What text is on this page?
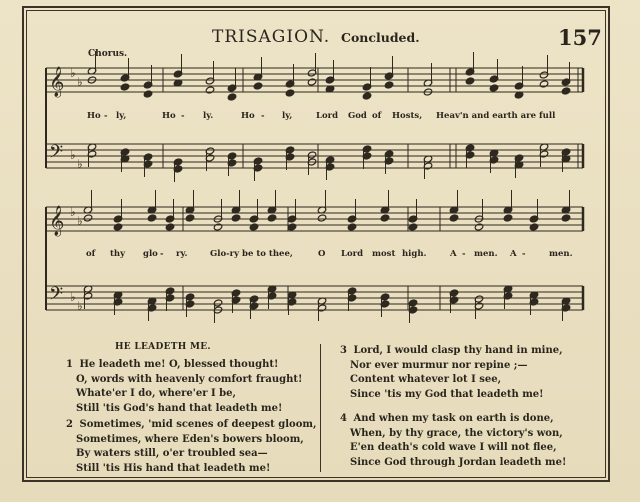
TRISAGION. Concluded.	157
Chorus.
𝄞
𝄢
♭
♭
♭
♭
𝄞
𝄢
♭
♭
♭
♭
Ho - ly,	Ho - ly.	Ho - ly,	Lord God of Hosts, Heav'n and earth are full
of thy glo - ry.	Glo-ry be to thee,	O Lord most high.	A - men. A -	men.
HE LEADETH ME.
1 He leadeth me! O, blessed thought!
O, words with heavenly comfort fraught!
Whate'er I do, where'er I be,
Still 'tis God's hand that leadeth me!
2 Sometimes, 'mid scenes of deepest gloom,
Sometimes, where Eden's bowers bloom,
By waters still, o'er troubled sea—
Still 'tis His hand that leadeth me!
3 Lord, I would clasp thy hand in mine,
Nor ever murmur nor repine ;—
Content whatever lot I see,
Since 'tis my God that leadeth me!
4 And when my task on earth is done,
When, by thy grace, the victory's won,
E'en death's cold wave I will not flee,
Since God through Jordan leadeth me!
